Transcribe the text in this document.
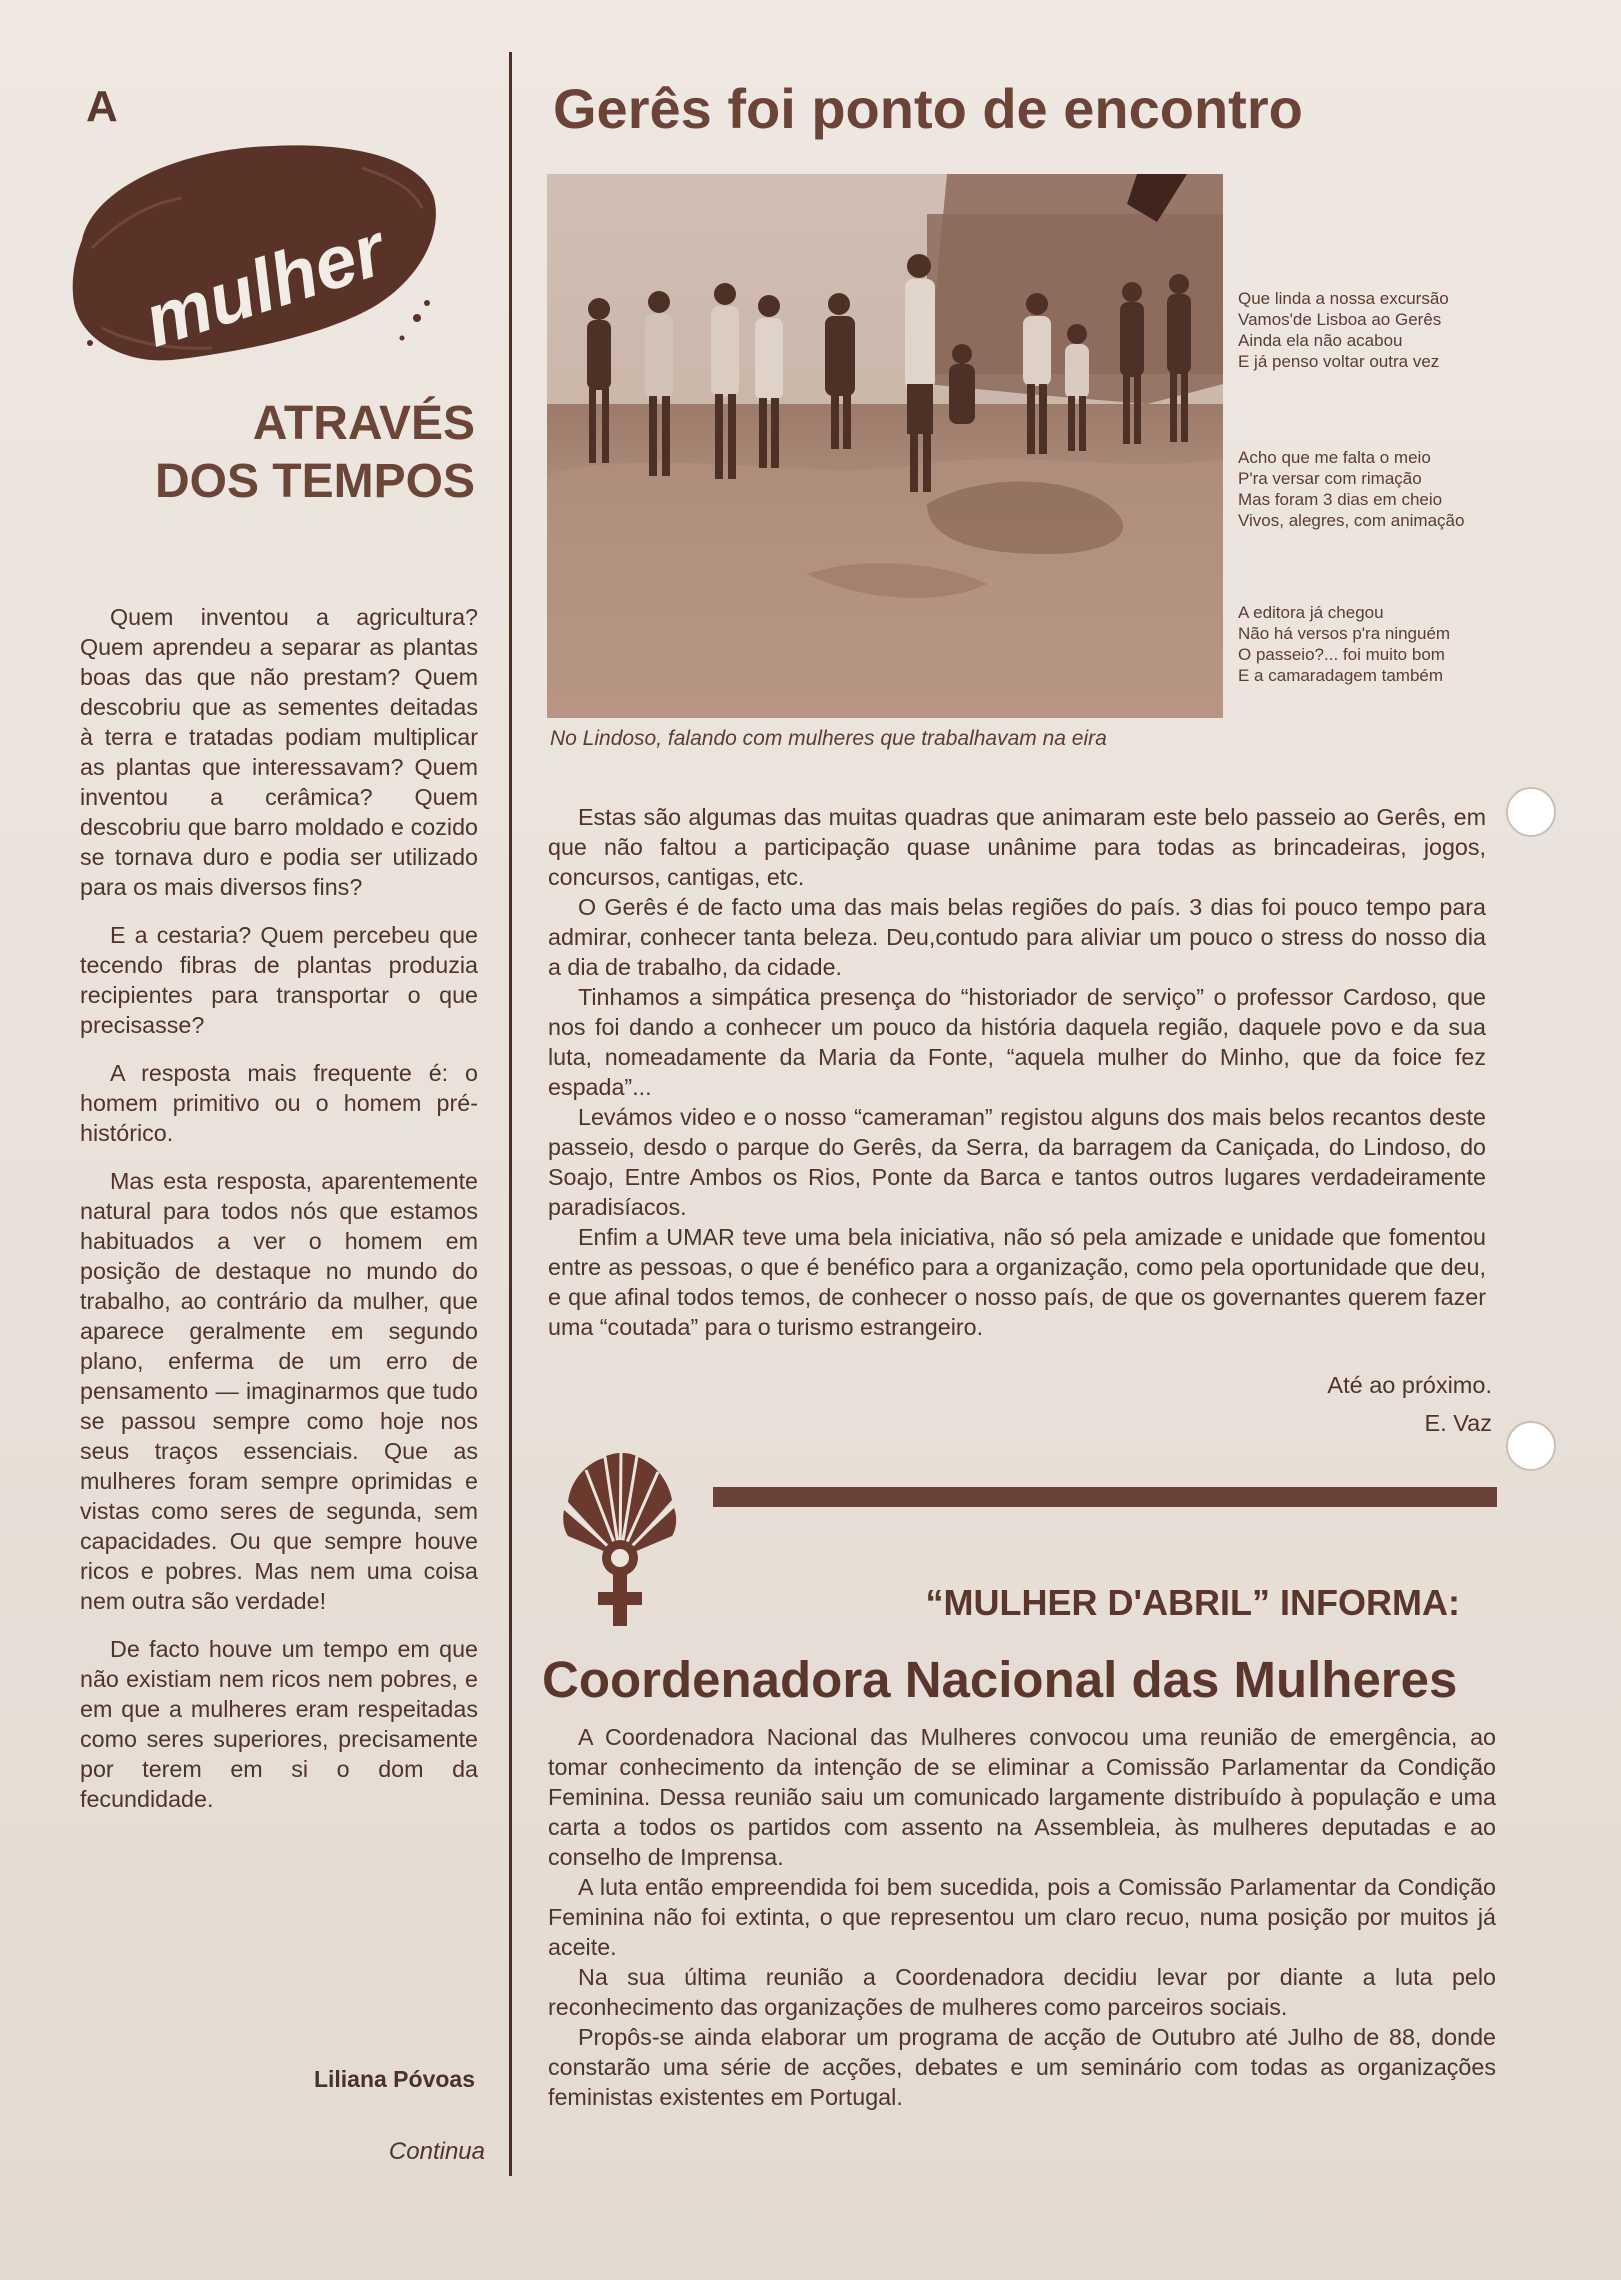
A
mulher
ATRAVÉS
DOS TEMPOS

Quem inventou a agricultura? Quem aprendeu a separar as plantas boas das que não prestam? Quem descobriu que as sementes deitadas à terra e tratadas podiam multiplicar as plantas que interessavam? Quem inventou a cerâmica? Quem descobriu que barro moldado e cozido se tornava duro e podia ser utilizado para os mais diversos fins?

E a cestaria? Quem percebeu que tecendo fibras de plantas produzia recipientes para transportar o que precisasse?

A resposta mais frequente é: o homem primitivo ou o homem pré-histórico.

Mas esta resposta, aparentemente natural para todos nós que estamos habituados a ver o homem em posição de destaque no mundo do trabalho, ao contrário da mulher, que aparece geralmente em segundo plano, enferma de um erro de pensamento — imaginarmos que tudo se passou sempre como hoje nos seus traços essenciais. Que as mulheres foram sempre oprimidas e vistas como seres de segunda, sem capacidades. Ou que sempre houve ricos e pobres. Mas nem uma coisa nem outra são verdade!

De facto houve um tempo em que não existiam nem ricos nem pobres, e em que a mulheres eram respeitadas como seres superiores, precisamente por terem em si o dom da fecundidade.

Liliana Póvoas
Continua
Gerês foi ponto de encontro
No Lindoso, falando com mulheres que trabalhavam na eira
Que linda a nossa excursão
Vamos'de Lisboa ao Gerês
Ainda ela não acabou
E já penso voltar outra vez
Acho que me falta o meio
P'ra versar com rimação
Mas foram 3 dias em cheio
Vivos, alegres, com animação
A editora já chegou
Não há versos p'ra ninguém
O passeio?... foi muito bom
E a camaradagem também

Estas são algumas das muitas quadras que animaram este belo passeio ao Gerês, em que não faltou a participação quase unânime para todas as brincadeiras, jogos, concursos, cantigas, etc.

O Gerês é de facto uma das mais belas regiões do país. 3 dias foi pouco tempo para admirar, conhecer tanta beleza. Deu,contudo para aliviar um pouco o stress do nosso dia a dia de trabalho, da cidade.

Tinhamos a simpática presença do “historiador de serviço” o professor Cardoso, que nos foi dando a conhecer um pouco da história daquela região, daquele povo e da sua luta, nomeadamente da Maria da Fonte, “aquela mulher do Minho, que da foice fez espada”...

Levámos video e o nosso “cameraman” registou alguns dos mais belos recantos deste passeio, desdo o parque do Gerês, da Serra, da barragem da Caniçada, do Lindoso, do Soajo, Entre Ambos os Rios, Ponte da Barca e tantos outros lugares verdadeiramente paradisíacos.

Enfim a UMAR teve uma bela iniciativa, não só pela amizade e unidade que fomentou entre as pessoas, o que é benéfico para a organização, como pela oportunidade que deu, e que afinal todos temos, de conhecer o nosso país, de que os governantes querem fazer uma “coutada” para o turismo estrangeiro.

Até ao próximo.
E. Vaz
“MULHER D'ABRIL” INFORMA:
Coordenadora Nacional das Mulheres

A Coordenadora Nacional das Mulheres convocou uma reunião de emergência, ao tomar conhecimento da intenção de se eliminar a Comissão Parlamentar da Condição Feminina. Dessa reunião saiu um comunicado largamente distribuído à população e uma carta a todos os partidos com assento na Assembleia, às mulheres deputadas e ao conselho de Imprensa.

A luta então empreendida foi bem sucedida, pois a Comissão Parlamentar da Condição Feminina não foi extinta, o que representou um claro recuo, numa posição por muitos já aceite.

Na sua última reunião a Coordenadora decidiu levar por diante a luta pelo reconhecimento das organizações de mulheres como parceiros sociais.

Propôs-se ainda elaborar um programa de acção de Outubro até Julho de 88, donde constarão uma série de acções, debates e um seminário com todas as organizações feministas existentes em Portugal.
